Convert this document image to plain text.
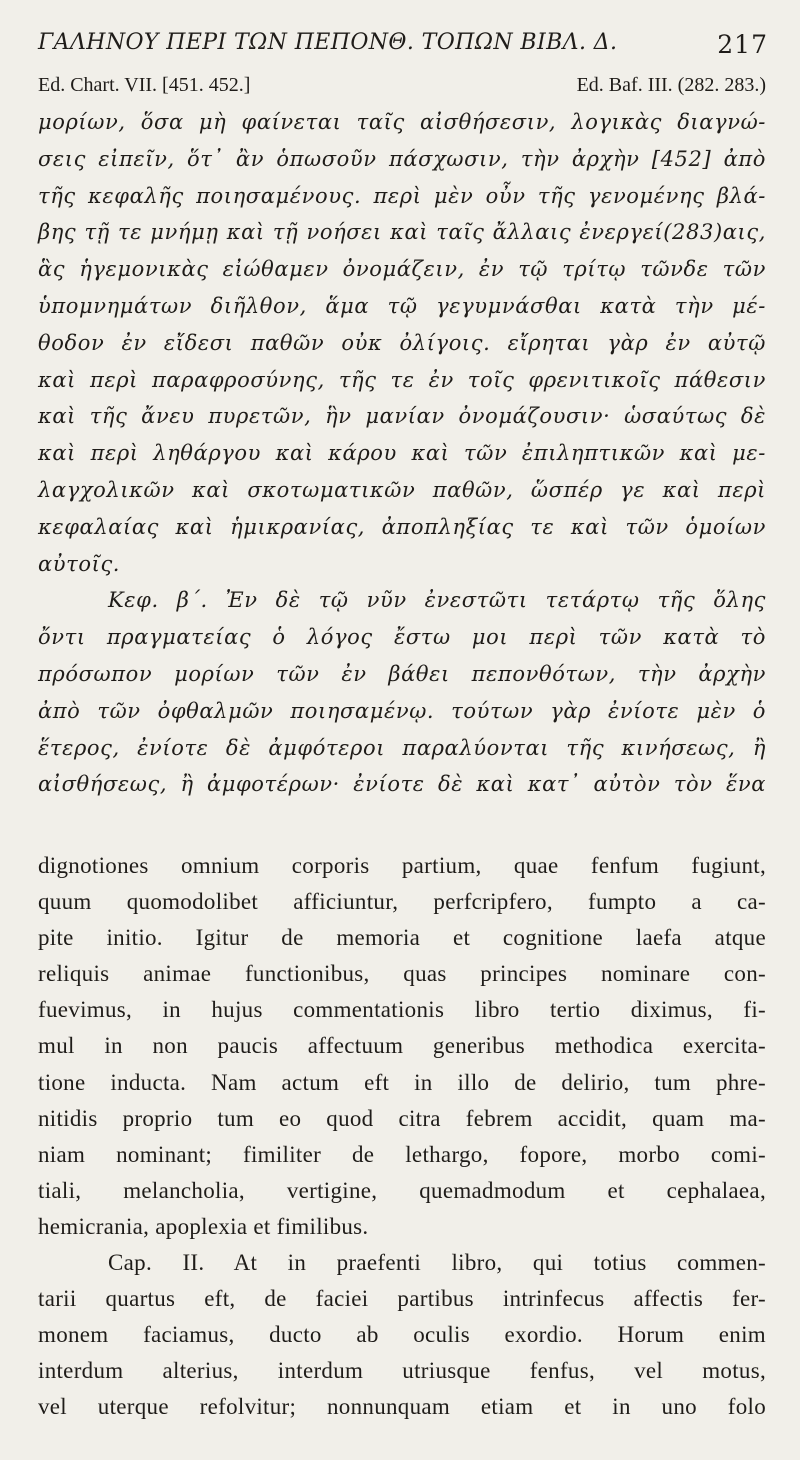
ΓΑΛΗΝΟΥ ΠΕΡΙ ΤΩΝ ΠΕΠΟΝΘ. ΤΟΠΩΝ ΒΙΒΛ. Δ.	217
Ed. Chart. VII. [451. 452.]	Ed. Baf. III. (282. 283.)
μορίων, ὅσα μὴ φαίνεται ταῖς αἰσθήσεσιν, λογικὰς διαγνώ-
σεις εἰπεῖν, ὅτ᾽ ἂν ὁπωσοῦν πάσχωσιν, τὴν ἀρχὴν [452] ἀπὸ
τῆς κεφαλῆς ποιησαμένους. περὶ μὲν οὖν τῆς γενομένης βλά-
βης τῇ τε μνήμῃ καὶ τῇ νοήσει καὶ ταῖς ἄλλαις ἐνεργεί(283)αις,
ἃς ἡγεμονικὰς εἰώθαμεν ὀνομάζειν, ἐν τῷ τρίτῳ τῶνδε τῶν
ὑπομνημάτων διῆλθον, ἅμα τῷ γεγυμνάσθαι κατὰ τὴν μέ-
θοδον ἐν εἴδεσι παθῶν οὐκ ὀλίγοις. εἴρηται γὰρ ἐν αὐτῷ
καὶ περὶ παραφροσύνης, τῆς τε ἐν τοῖς φρενιτικοῖς πάθεσιν
καὶ τῆς ἄνευ πυρετῶν, ἣν μανίαν ὀνομάζουσιν· ὡσαύτως δὲ
καὶ περὶ ληθάργου καὶ κάρου καὶ τῶν ἐπιληπτικῶν καὶ με-
λαγχολικῶν καὶ σκοτωματικῶν παθῶν, ὥσπέρ γε καὶ περὶ
κεφαλαίας καὶ ἡμικρανίας, ἀποπληξίας τε καὶ τῶν ὁμοίων
αὐτοῖς.
Κεφ. β΄. Ἐν δὲ τῷ νῦν ἐνεστῶτι τετάρτῳ τῆς ὅλης
ὄντι πραγματείας ὁ λόγος ἔστω μοι περὶ τῶν κατὰ τὸ
πρόσωπον μορίων τῶν ἐν βάθει πεπονθότων, τὴν ἀρχὴν
ἀπὸ τῶν ὀφθαλμῶν ποιησαμένῳ. τούτων γὰρ ἐνίοτε μὲν ὁ
ἕτερος, ἐνίοτε δὲ ἀμφότεροι παραλύονται τῆς κινήσεως, ἢ
αἰσθήσεως, ἢ ἀμφοτέρων· ἐνίοτε δὲ καὶ κατ᾽ αὐτὸν τὸν ἕνα
dignotiones omnium corporis partium, quae fenfum fugiunt,
quum quomodolibet afficiuntur, perfcripfero, fumpto a ca-
pite initio. Igitur de memoria et cognitione laefa atque
reliquis animae functionibus, quas principes nominare con-
fuevimus, in hujus commentationis libro tertio diximus, fi-
mul in non paucis affectuum generibus methodica exercita-
tione inducta. Nam actum eft in illo de delirio, tum phre-
nitidis proprio tum eo quod citra febrem accidit, quam ma-
niam nominant; fimiliter de lethargo, fopore, morbo comi-
tiali, melancholia, vertigine, quemadmodum et cephalaea,
hemicrania, apoplexia et fimilibus.
Cap. II. At in praefenti libro, qui totius commen-
tarii quartus eft, de faciei partibus intrinfecus affectis fer-
monem faciamus, ducto ab oculis exordio. Horum enim
interdum alterius, interdum utriusque fenfus, vel motus,
vel uterque refolvitur; nonnunquam etiam et in uno folo
